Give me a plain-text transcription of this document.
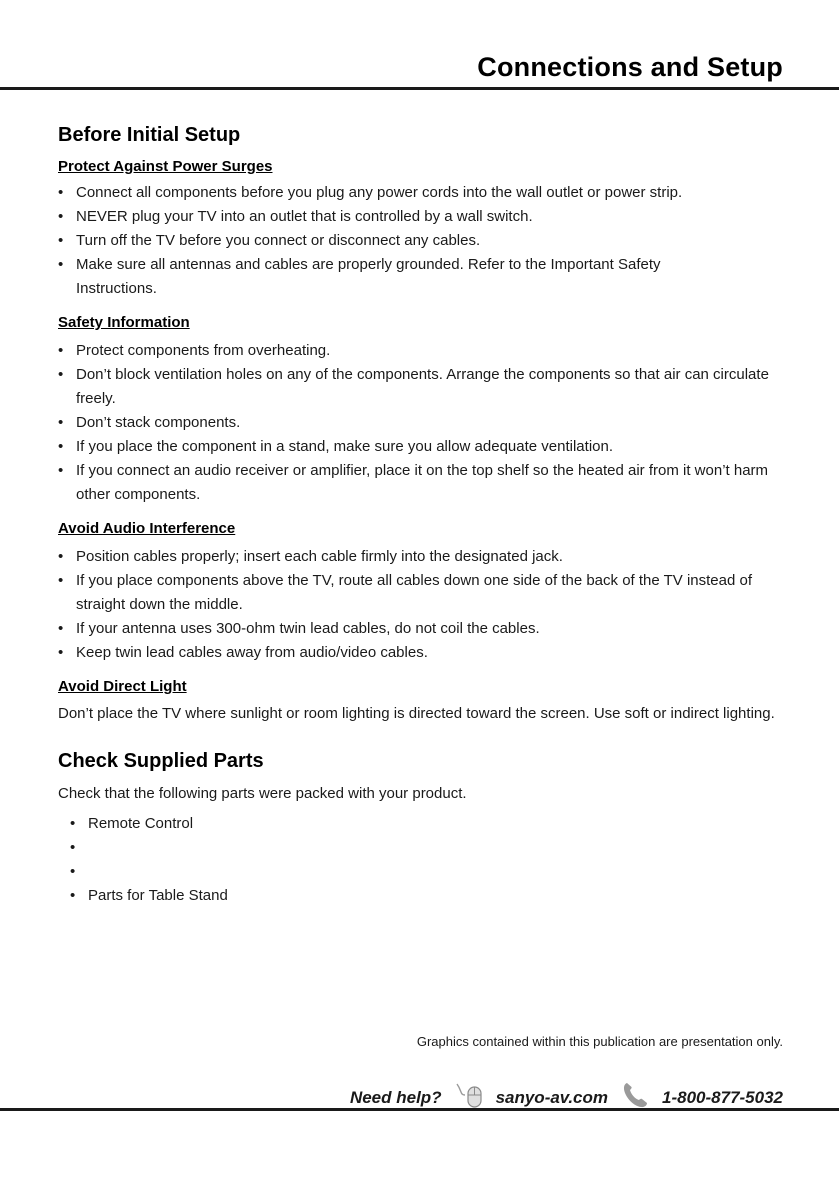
Connections and Setup
Before Initial Setup
Protect Against Power Surges
• Connect all components before you plug any power cords into the wall outlet or power strip.
• NEVER plug your TV into an outlet that is controlled by a wall switch.
• Turn off the TV before you connect or disconnect any cables.
• Make sure all antennas and cables are properly grounded. Refer to the Important Safety Instructions.
Safety Information
• Protect components from overheating.
• Don’t block ventilation holes on any of the components. Arrange the components so that air can circulate freely.
• Don’t stack components.
• If you place the component in a stand, make sure you allow adequate ventilation.
• If you connect an audio receiver or amplifier, place it on the top shelf so the heated air from it won’t harm other components.
Avoid Audio Interference
• Position cables properly; insert each cable firmly into the designated jack.
• If you place components above the TV, route all cables down one side of the back of the TV instead of straight down the middle.
• If your antenna uses 300-ohm twin lead cables, do not coil the cables.
• Keep twin lead cables away from audio/video cables.
Avoid Direct Light

Don’t place the TV where sunlight or room lighting is directed toward the screen. Use soft or indirect lighting.

Check Supplied Parts

Check that the following parts were packed with your product.

• Remote Control
•

•

• Parts for Table Stand
Graphics contained within this publication are presentation only.
Need help?	sanyo-av.com	1-800-877-5032
